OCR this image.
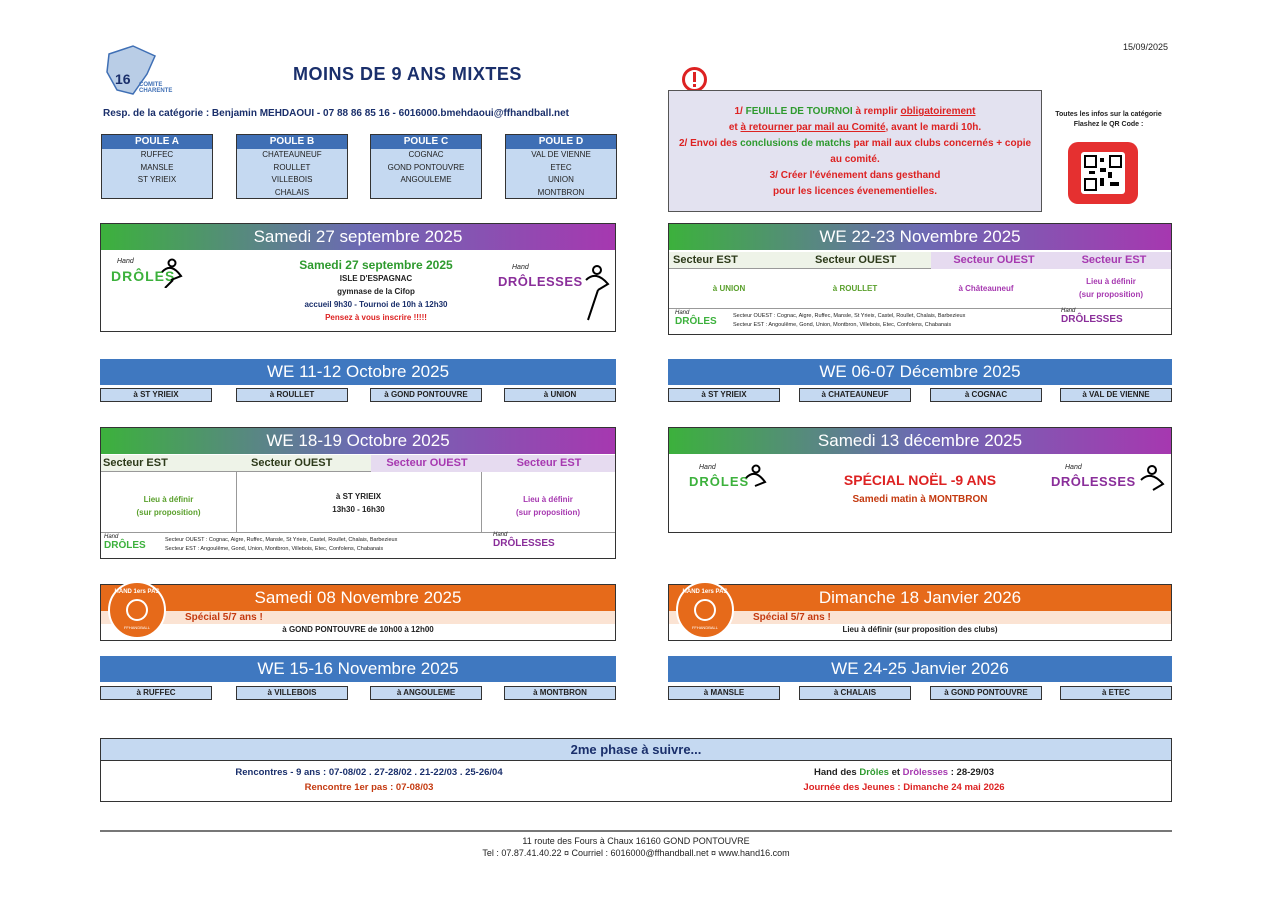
15/09/2025
16 COMITE CHARENTE
MOINS DE 9 ANS MIXTES
Resp. de la catégorie : Benjamin MEHDAOUI - 07 88 86 85 16 - 6016000.bmehdaoui@ffhandball.net
POULE A
RUFFEC
MANSLE
ST YRIEIX
POULE B
CHATEAUNEUF
ROULLET
VILLEBOIS
CHALAIS
POULE C
COGNAC
GOND PONTOUVRE
ANGOULEME
POULE D
VAL DE VIENNE
ETEC
UNION
MONTBRON
1/ FEUILLE DE TOURNOI à remplir obligatoirement
et à retourner par mail au Comité, avant le mardi 10h.
2/ Envoi des conclusions de matchs par mail aux clubs concernés + copie
au comité.
3/ Créer l'événement dans gesthand
pour les licences évenementielles.
Toutes les infos sur la catégorie
Flashez le QR Code :
Samedi 27 septembre 2025
Hand
DRÔLES
Samedi 27 septembre 2025
ISLE D'ESPAGNAC
gymnase de la Cifop
accueil 9h30 - Tournoi de 10h à 12h30
Pensez à vous inscrire !!!!!
Hand
DRÔLESSES
WE 22-23 Novembre 2025
Secteur EST	Secteur OUEST	Secteur OUEST	Secteur EST
à UNION	à ROULLET	à Châteauneuf
Lieu à définir
(sur proposition)
Hand
DRÔLES	Secteur OUEST : Cognac, Aigre, Ruffec, Mansle, St Yrieix, Castel, Roullet, Chalais, Barbezieux
Secteur EST : Angoulême, Gond, Union, Montbron, Villebois, Etec, Confolens, Chabanais
Hand
DRÔLESSES
WE 11-12 Octobre 2025
à ST YRIEIX	à ROULLET	à GOND PONTOUVRE	à UNION
WE 06-07 Décembre 2025
à ST YRIEIX	à CHATEAUNEUF	à COGNAC	à VAL DE VIENNE
WE 18-19 Octobre 2025
Secteur EST	Secteur OUEST	Secteur OUEST	Secteur EST
Lieu à définir
(sur proposition)
à ST YRIEIX
13h30 - 16h30
Lieu à définir
(sur proposition)
Hand
DRÔLES	Secteur OUEST : Cognac, Aigre, Ruffec, Mansle, St Yrieix, Castel, Roullet, Chalais, Barbezieux
Secteur EST : Angoulême, Gond, Union, Montbron, Villebois, Etec, Confolens, Chabanais
Hand
DRÔLESSES
Samedi 13 décembre 2025
Hand
DRÔLES	SPÉCIAL NOËL -9 ANS
Samedi matin à MONTBRON
Hand
DRÔLESSES
Samedi 08 Novembre 2025
Spécial 5/7 ans !
à GOND PONTOUVRE de 10h00 à 12h00
HAND 1ers PAS
FFHANDBALL
Dimanche 18 Janvier 2026
Spécial 5/7 ans !
Lieu à définir (sur proposition des clubs)
HAND 1ers PAS
FFHANDBALL
WE 15-16 Novembre 2025
à RUFFEC	à VILLEBOIS	à ANGOULEME	à MONTBRON
WE 24-25 Janvier 2026
à MANSLE	à CHALAIS	à GOND PONTOUVRE	à ETEC
2me phase à suivre...
Rencontres - 9 ans : 07-08/02 . 27-28/02 . 21-22/03 . 25-26/04
Rencontre 1er pas : 07-08/03
Hand des Drôles et Drôlesses : 28-29/03
Journée des Jeunes : Dimanche 24 mai 2026
11 route des Fours à Chaux 16160 GOND PONTOUVRE
Tel : 07.87.41.40.22 ¤ Courriel : 6016000@ffhandball.net ¤ www.hand16.com
